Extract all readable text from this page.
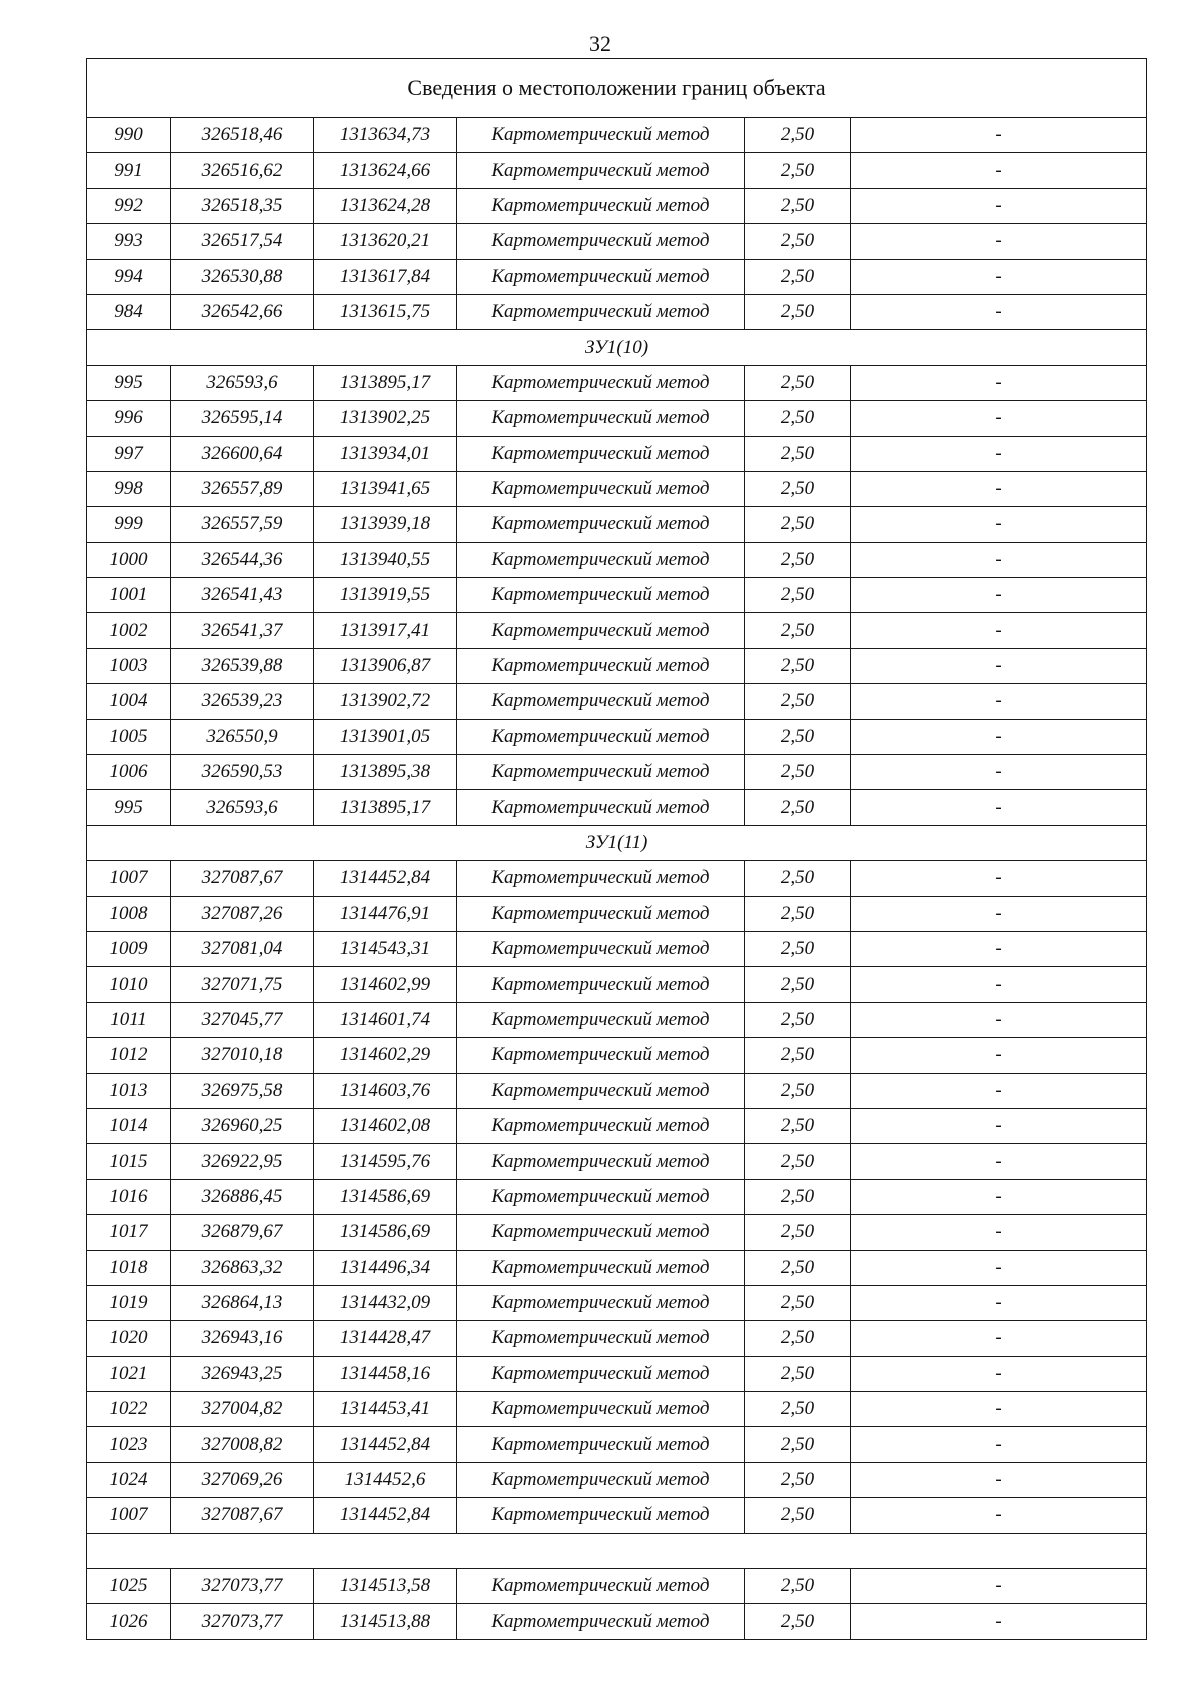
32
Сведения о местоположении границ объекта					
990	326518,46	1313634,73	Картометрический метод	2,50	-
991	326516,62	1313624,66	Картометрический метод	2,50	-
992	326518,35	1313624,28	Картометрический метод	2,50	-
993	326517,54	1313620,21	Картометрический метод	2,50	-
994	326530,88	1313617,84	Картометрический метод	2,50	-
984	326542,66	1313615,75	Картометрический метод	2,50	-
ЗУ1(10)					
995	326593,6	1313895,17	Картометрический метод	2,50	-
996	326595,14	1313902,25	Картометрический метод	2,50	-
997	326600,64	1313934,01	Картометрический метод	2,50	-
998	326557,89	1313941,65	Картометрический метод	2,50	-
999	326557,59	1313939,18	Картометрический метод	2,50	-
1000	326544,36	1313940,55	Картометрический метод	2,50	-
1001	326541,43	1313919,55	Картометрический метод	2,50	-
1002	326541,37	1313917,41	Картометрический метод	2,50	-
1003	326539,88	1313906,87	Картометрический метод	2,50	-
1004	326539,23	1313902,72	Картометрический метод	2,50	-
1005	326550,9	1313901,05	Картометрический метод	2,50	-
1006	326590,53	1313895,38	Картометрический метод	2,50	-
995	326593,6	1313895,17	Картометрический метод	2,50	-
ЗУ1(11)					
1007	327087,67	1314452,84	Картометрический метод	2,50	-
1008	327087,26	1314476,91	Картометрический метод	2,50	-
1009	327081,04	1314543,31	Картометрический метод	2,50	-
1010	327071,75	1314602,99	Картометрический метод	2,50	-
1011	327045,77	1314601,74	Картометрический метод	2,50	-
1012	327010,18	1314602,29	Картометрический метод	2,50	-
1013	326975,58	1314603,76	Картометрический метод	2,50	-
1014	326960,25	1314602,08	Картометрический метод	2,50	-
1015	326922,95	1314595,76	Картометрический метод	2,50	-
1016	326886,45	1314586,69	Картометрический метод	2,50	-
1017	326879,67	1314586,69	Картометрический метод	2,50	-
1018	326863,32	1314496,34	Картометрический метод	2,50	-
1019	326864,13	1314432,09	Картометрический метод	2,50	-
1020	326943,16	1314428,47	Картометрический метод	2,50	-
1021	326943,25	1314458,16	Картометрический метод	2,50	-
1022	327004,82	1314453,41	Картометрический метод	2,50	-
1023	327008,82	1314452,84	Картометрический метод	2,50	-
1024	327069,26	1314452,6	Картометрический метод	2,50	-
1007	327087,67	1314452,84	Картометрический метод	2,50	-

1025	327073,77	1314513,58	Картометрический метод	2,50	-
1026	327073,77	1314513,88	Картометрический метод	2,50	-
